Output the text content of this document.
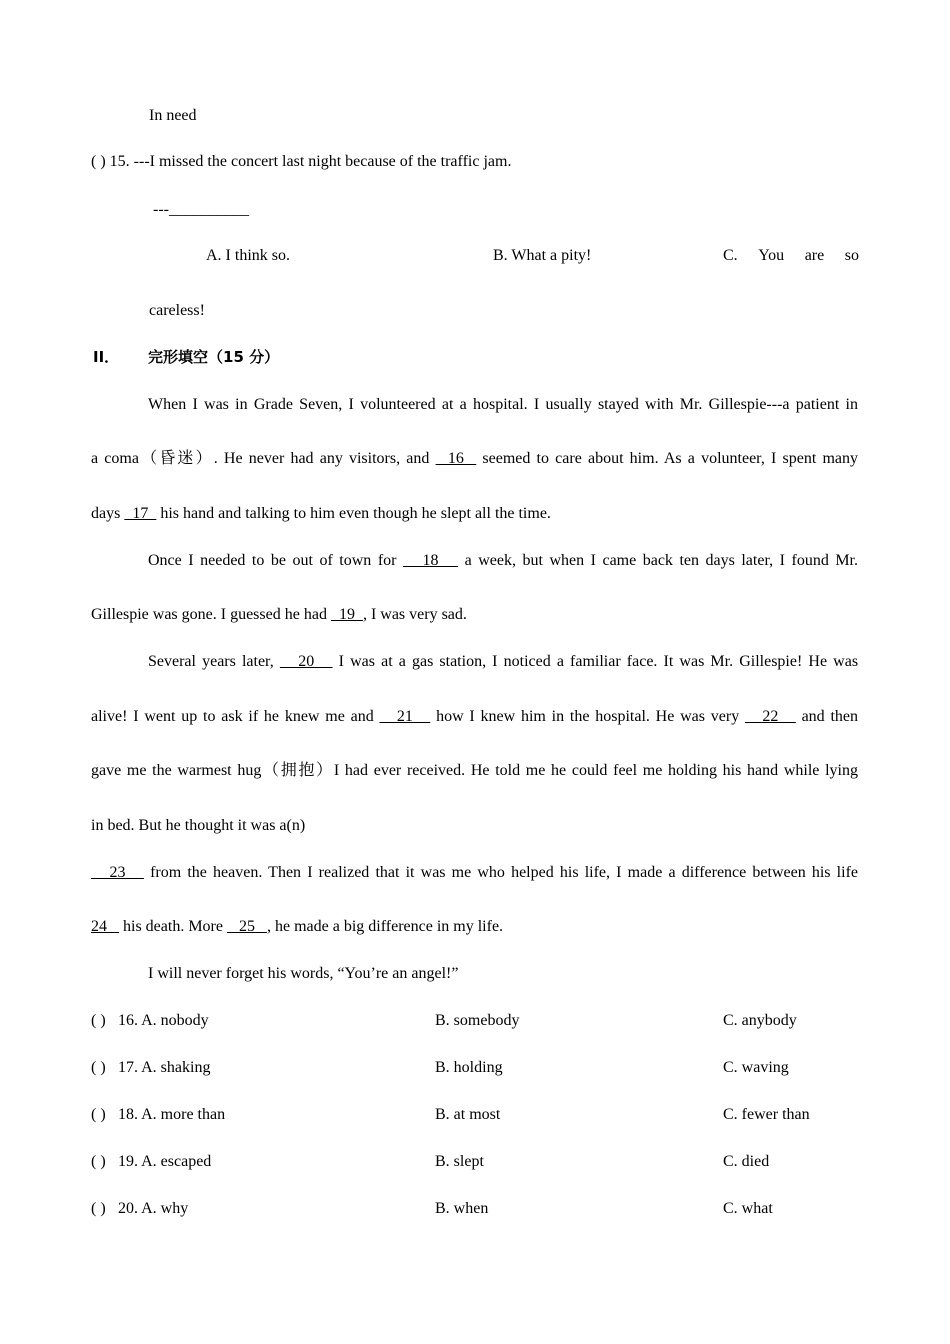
In need
( ) 15. ---I missed the concert last night because of the traffic jam.
---__________
A. I think so.	B. What a pity!	C. You are so
careless!
II． 完形填空（15 分）
When I was in Grade Seven, I volunteered at a hospital. I usually stayed with Mr. Gillespie---a patient in
a coma（昏迷）. He never had any visitors, and   16   seemed to care about him. As a volunteer, I spent many
days   17   his hand and talking to him even though he slept all the time.
Once I needed to be out of town for    18    a week, but when I came back ten days later, I found Mr.
Gillespie was gone. I guessed he had   19  , I was very sad.
Several years later,    20    I was at a gas station, I noticed a familiar face. It was Mr. Gillespie! He was
alive! I went up to ask if he knew me and    21    how I knew him in the hospital. He was very    22    and then
gave me the warmest hug（拥抱）I had ever received. He told me he could feel me holding his hand while lying
in bed. But he thought it was a(n)
23    from the heaven. Then I realized that it was me who helped his life, I made a difference between his life
24    his death. More    25   , he made a big difference in my life.
I will never forget his words, “You’re an angel!”
( ) 16. A. nobody	B. somebody	C. anybody
( ) 17. A. shaking	B. holding	C. waving
( ) 18. A. more than	B. at most	C. fewer than
( ) 19. A. escaped	B. slept	C. died
( ) 20. A. why	B. when	C. what
